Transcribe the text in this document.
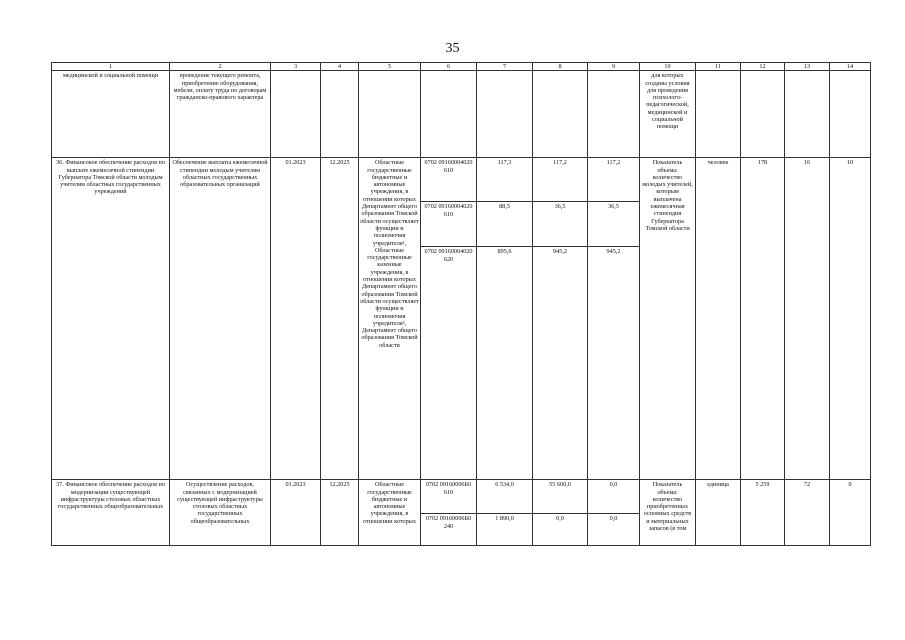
35
1	2	3	4	5	6	7	8	9	10	11	12	13	14
медицинской и социальной помощи	проведение текущего ремонта, приобретение оборудования, мебели, оплату труда по договорам гражданско-правового характера								для которых созданы условия для проведения психолого-педагогической, медицинской и социальной помощи				
36. Финансовое обеспечение расходов по выплате ежемесячной стипендии Губернатора Томской области молодым учителям областных государственных учреждений	Обеспечение выплаты ежемесячной стипендии молодым учителям областных государственных образовательных организаций	01.2023	12.2025	Областные государственные бюджетные и автономные учреждения, в отношении которых Департамент общего образования Томской области осуществляет функции и полномочия учредителя¹, Областные государственные казенные учреждения, в отношении которых Департамент общего образования Томской области осуществляет функции и полномочия учредителя², Департамент общего образования Томской области	0702 09160004020 610	117,3	117,2	117,2	Показатель объема: количество молодых учителей, которым выплачена ежемесячная стипендия Губернатора Томской области	человек	178	16	10
					0702 09160004020 610	88,5	36,5	36,5					
					0702 09160004020 620	895,6	945,2	945,2					
37. Финансовое обеспечение расходов по модернизации существующей инфраструктуры столовых областных государственных общеобразовательных	Осуществление расходов, связанных с модернизацией существующей инфраструктуры столовых областных государственных общеобразовательных	01.2023	12.2025	Областные государственные бюджетные и автономные учреждения, в отношении которых	0702 09160006Б0 610	6 534,0	55 600,0	0,0	Показатель объема: количество приобретенных основных средств и материальных запасов (в том	единица	5 259	72	0
					0702 09160006Б0 240	1 890,0	0,0	0,0					
